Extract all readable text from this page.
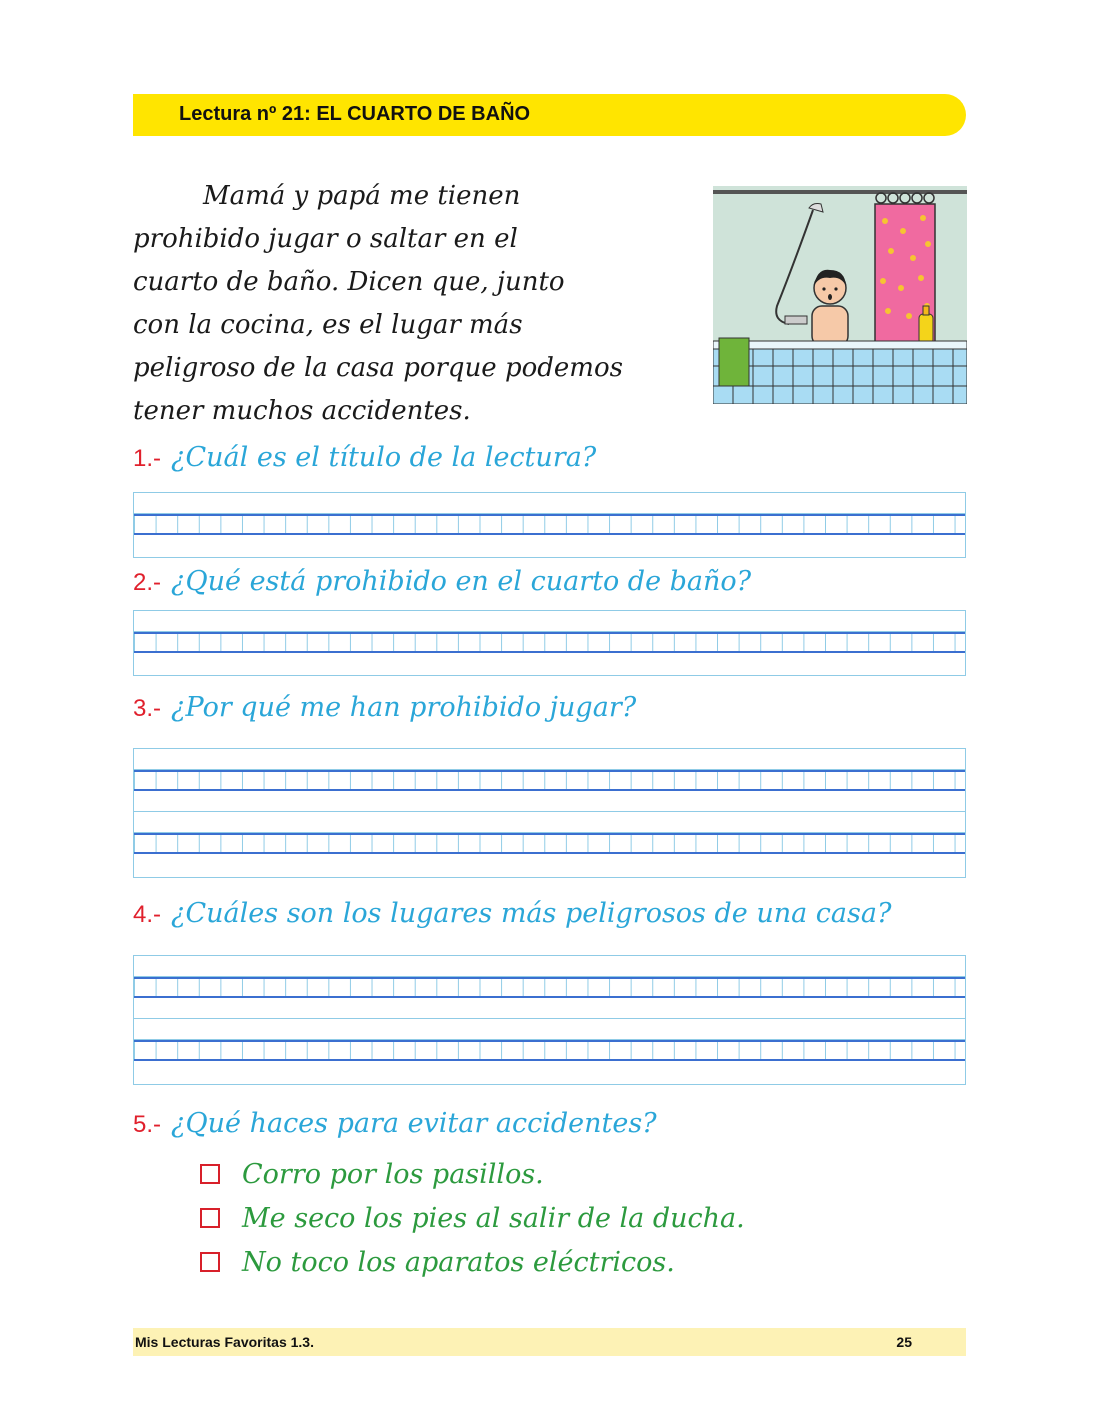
Lectura nº 21: EL CUARTO DE BAÑO
Mamá y papá me tienen
prohibido jugar o saltar en el
cuarto de baño. Dicen que, junto
con la cocina, es el lugar más
peligroso de la casa porque podemos
tener muchos accidentes.
1.- ¿Cuál es el título de la lectura?
2.- ¿Qué está prohibido en el cuarto de baño?
3.- ¿Por qué me han prohibido jugar?
4.- ¿Cuáles son los lugares más peligrosos de una casa?
5.- ¿Qué haces para evitar accidentes?
Corro por los pasillos.
Me seco los pies al salir de la ducha.
No toco los aparatos eléctricos.
Mis Lecturas Favoritas 1.3.	25
